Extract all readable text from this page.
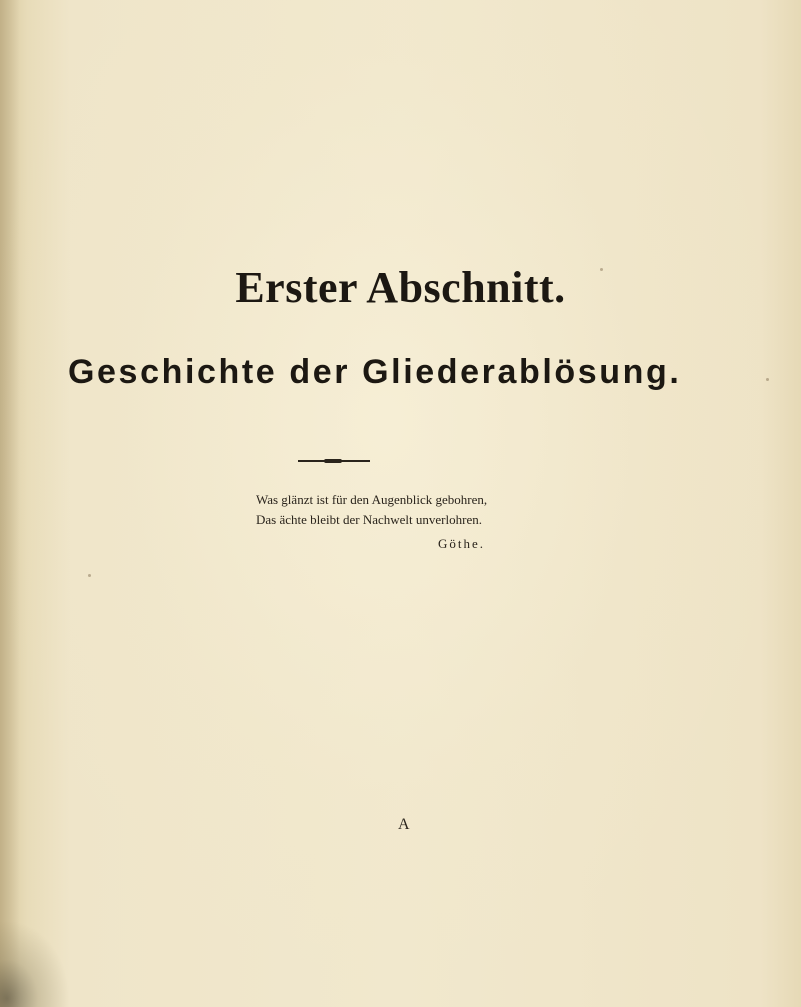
Erster Abschnitt.
Geschichte der Gliederablösung.
Was glänzt ist für den Augenblick gebohren,
Das ächte bleibt der Nachwelt unverlohren.
Göthe.
A
